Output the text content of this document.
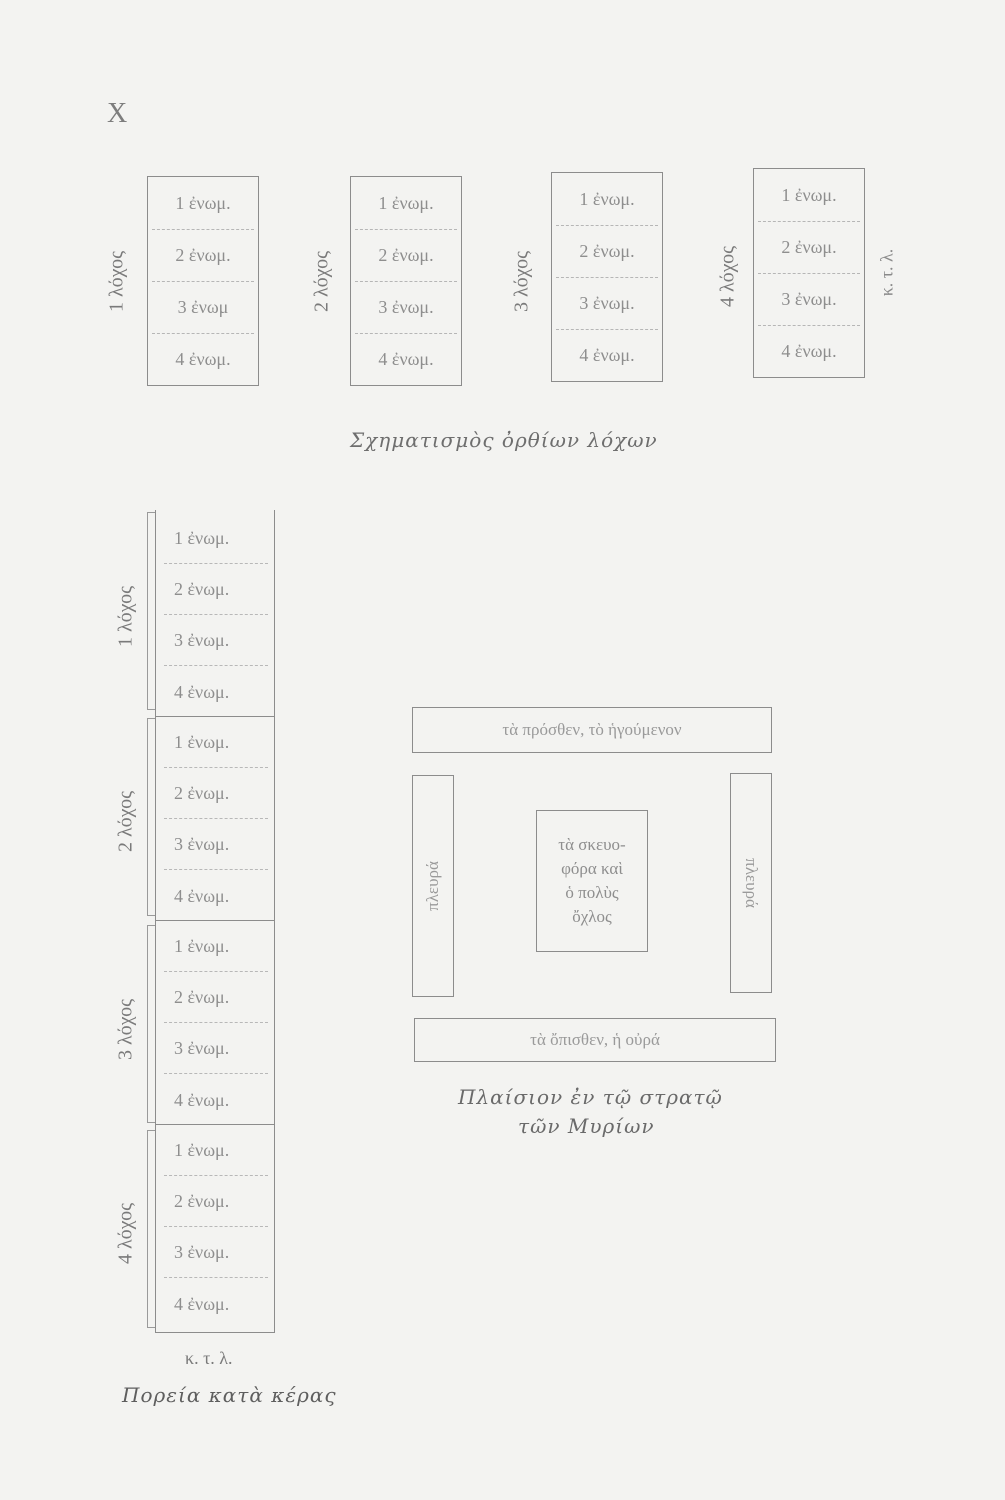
X
1 λόχος
1 ἐνωμ.
2 ἐνωμ.
3 ἐνωμ
4 ἐνωμ.
2 λόχος
1 ἐνωμ.
2 ἐνωμ.
3 ἐνωμ.
4 ἐνωμ.
3 λόχος
1 ἐνωμ.
2 ἐνωμ.
3 ἐνωμ.
4 ἐνωμ.
4 λόχος
1 ἐνωμ.
2 ἐνωμ.
3 ἐνωμ.
4 ἐνωμ.
κ. τ. λ.
Σχηματισμὸς ὀρθίων λόχων
1 λόχος
2 λόχος
3 λόχος
4 λόχος
1 ἐνωμ.
2 ἐνωμ.
3 ἐνωμ.
4 ἐνωμ.
1 ἐνωμ.
2 ἐνωμ.
3 ἐνωμ.
4 ἐνωμ.
1 ἐνωμ.
2 ἐνωμ.
3 ἐνωμ.
4 ἐνωμ.
1 ἐνωμ.
2 ἐνωμ.
3 ἐνωμ.
4 ἐνωμ.
κ. τ. λ.
Πορεία κατὰ κέρας
τὰ πρόσθεν, τὸ ἡγούμενον
πλευρά	πλευρά
τὰ σκευο-
φόρα καὶ
ὁ πολὺς
ὄχλος
τὰ ὄπισθεν, ἡ οὐρά
Πλαίσιον ἐν τῷ στρατῷ
τῶν Μυρίων
